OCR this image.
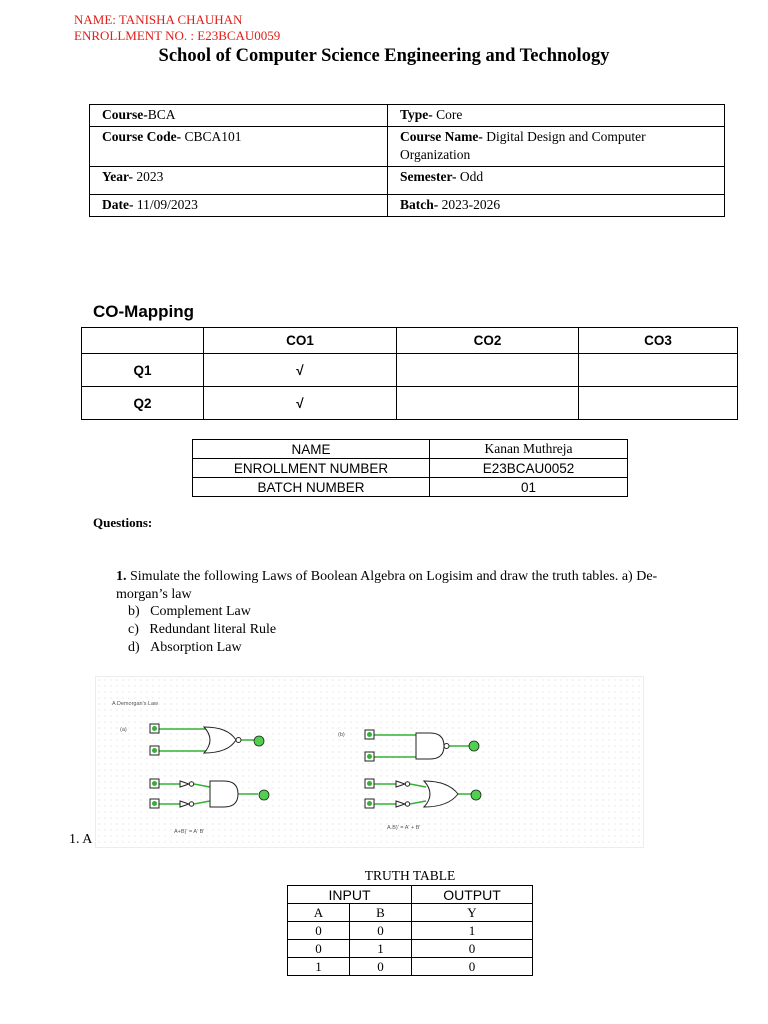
NAME: TANISHA CHAUHAN
ENROLLMENT NO. : E23BCAU0059
School of Computer Science Engineering and Technology
Course-BCA	Type- Core
Course Code- CBCA101	Course Name- Digital Design and Computer Organization
Year- 2023	Semester- Odd
Date- 11/09/2023	Batch- 2023-2026
CO-Mapping
	CO1	CO2	CO3
Q1	√		
Q2	√		
NAME	Kanan Muthreja
ENROLLMENT NUMBER	E23BCAU0052
BATCH NUMBER	01
Questions:
1. Simulate the following Laws of Boolean Algebra on Logisim and draw the truth tables. a) De-morgan’s law
b) Complement Law
c) Redundant literal Rule
d) Absorption Law
A Demorgan's Law
(a)
(b)
A+B)' = A' B'
A.B)' = A' + B'
1. A
TRUTH TABLE
INPUT		OUTPUT
A	B	Y
0	0	1
0	1	0
1	0	0
